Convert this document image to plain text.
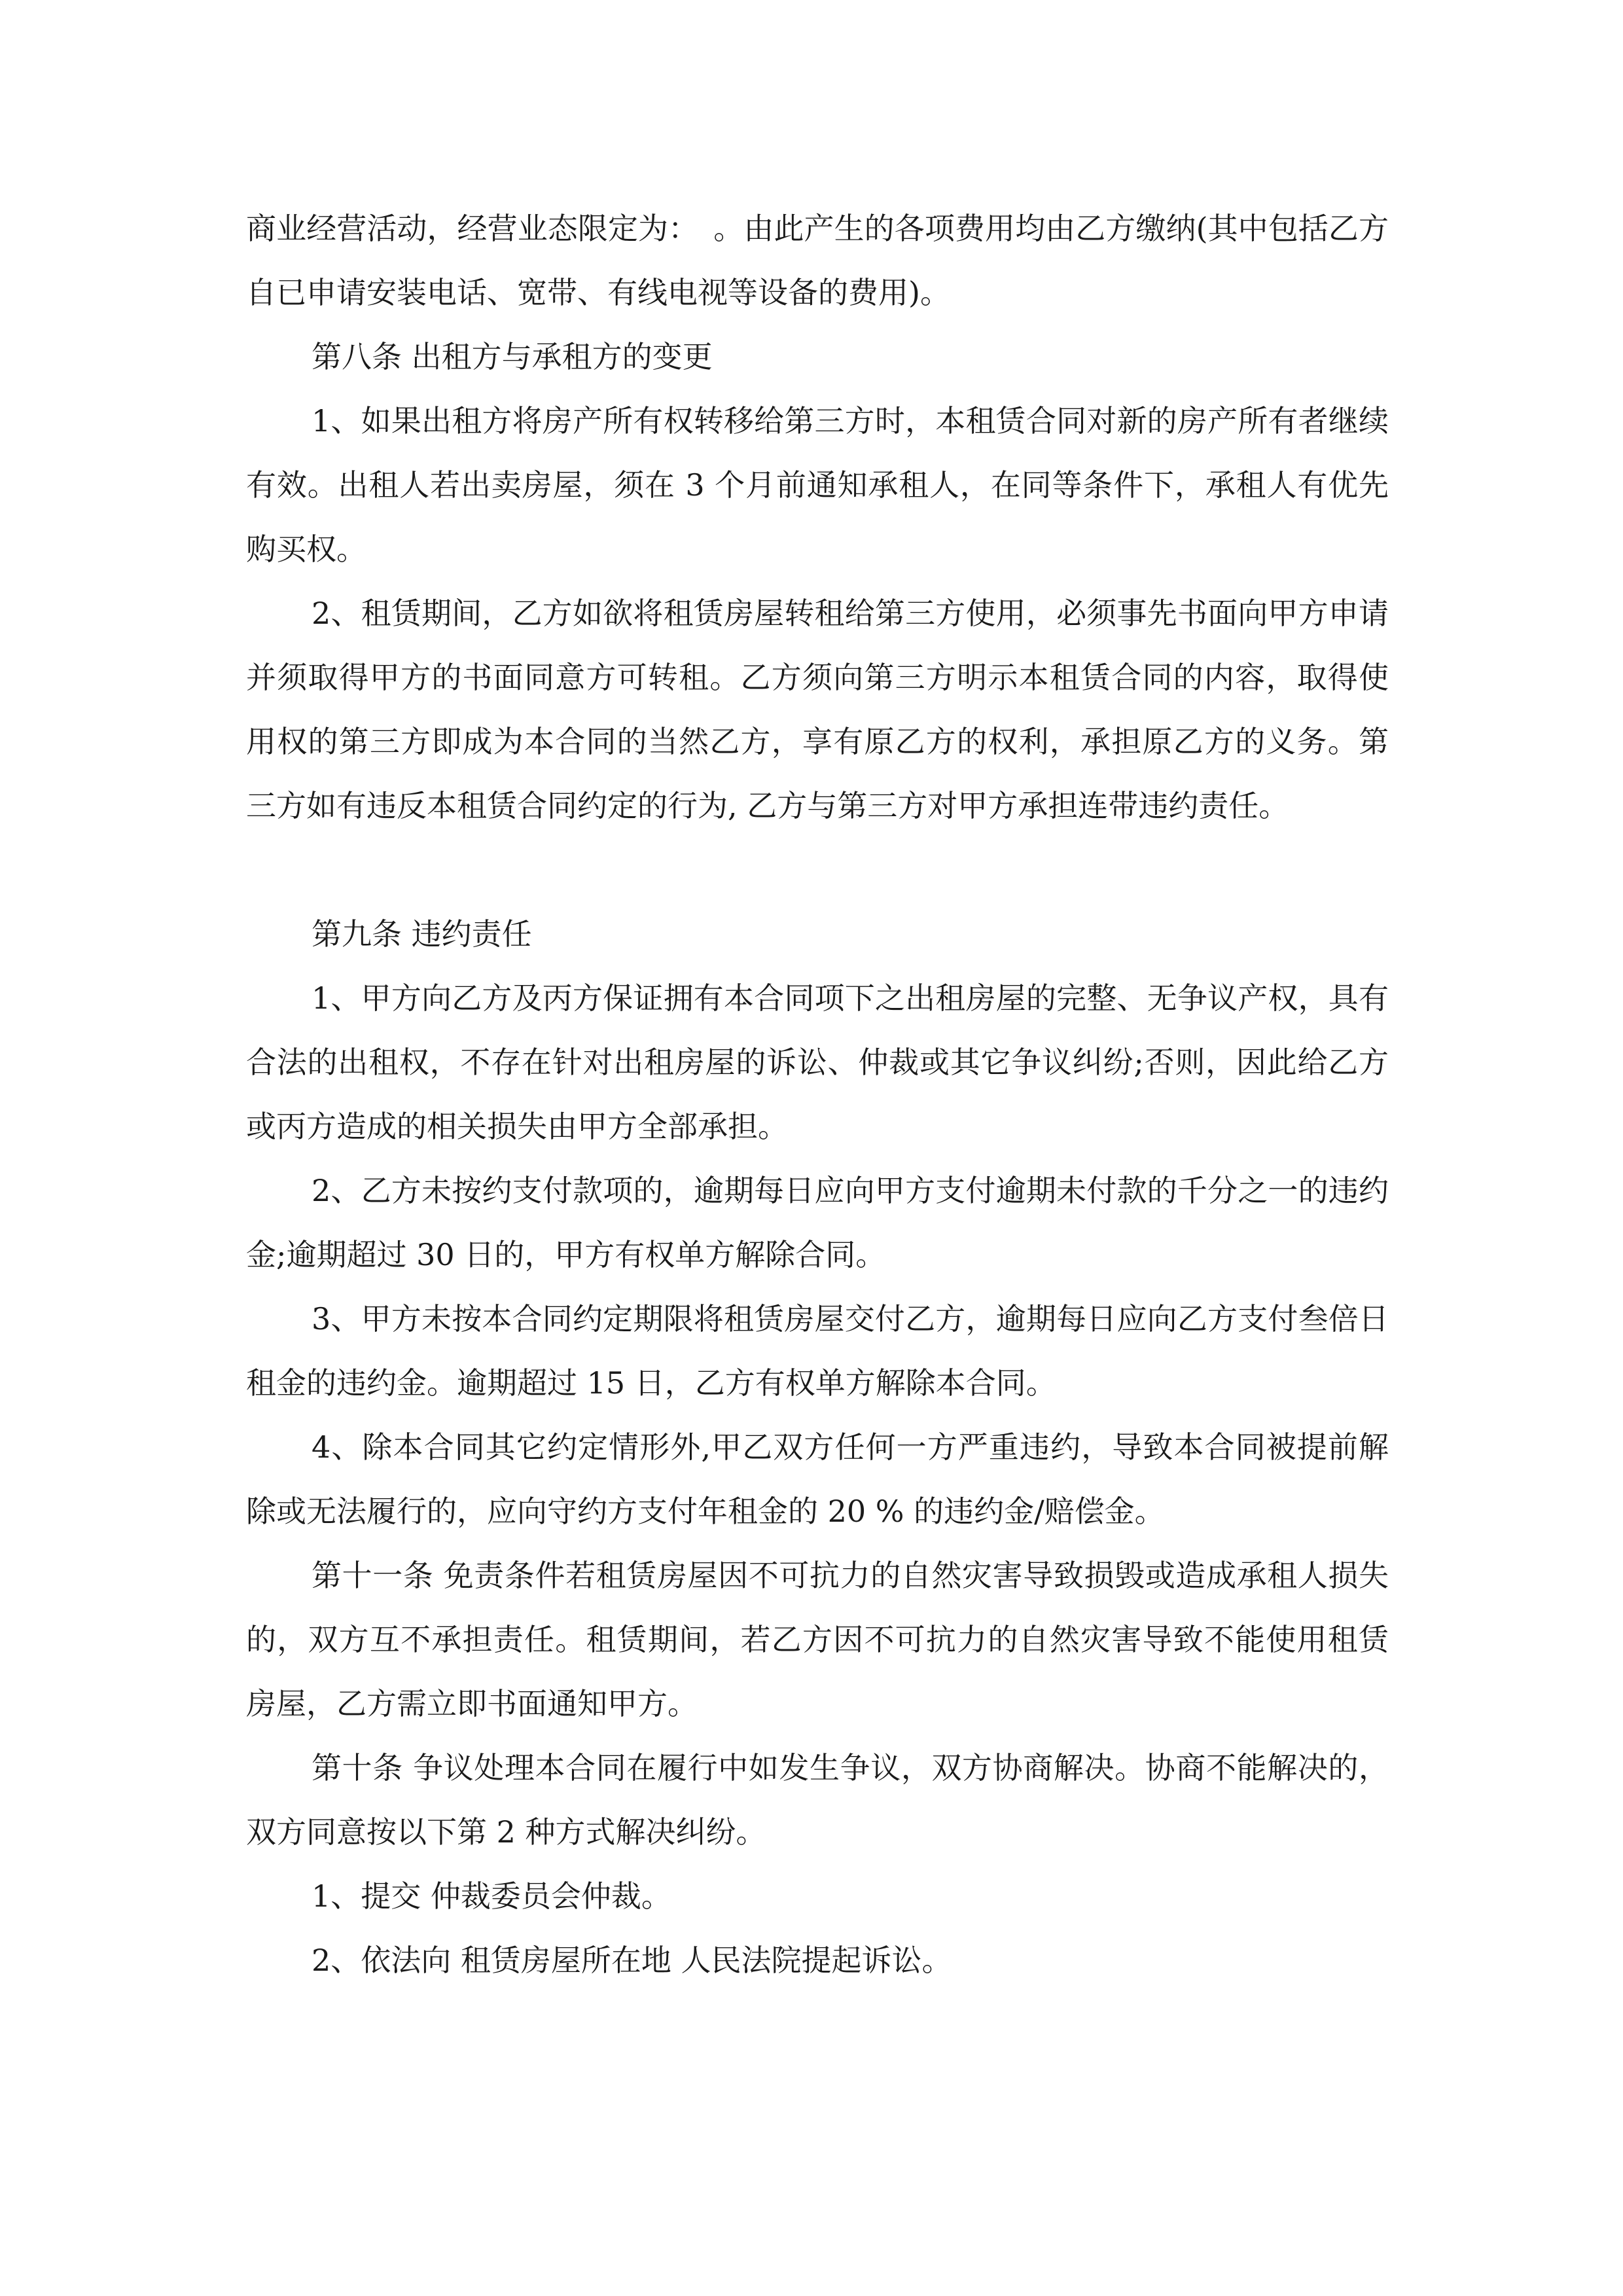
商业经营活动，经营业态限定为：　。由此产生的各项费用均由乙方缴纳(其中包括乙方自已申请安装电话、宽带、有线电视等设备的费用)。

第八条 出租方与承租方的变更

1、如果出租方将房产所有权转移给第三方时，本租赁合同对新的房产所有者继续有效。出租人若出卖房屋，须在 3 个月前通知承租人，在同等条件下，承租人有优先购买权。

2、租赁期间，乙方如欲将租赁房屋转租给第三方使用，必须事先书面向甲方申请并须取得甲方的书面同意方可转租。乙方须向第三方明示本租赁合同的内容，取得使用权的第三方即成为本合同的当然乙方，享有原乙方的权利，承担原乙方的义务。第三方如有违反本租赁合同约定的行为, 乙方与第三方对甲方承担连带违约责任。

第九条 违约责任

1、甲方向乙方及丙方保证拥有本合同项下之出租房屋的完整、无争议产权，具有合法的出租权，不存在针对出租房屋的诉讼、仲裁或其它争议纠纷;否则，因此给乙方或丙方造成的相关损失由甲方全部承担。

2、乙方未按约支付款项的，逾期每日应向甲方支付逾期未付款的千分之一的违约金;逾期超过 30 日的，甲方有权单方解除合同。

3、甲方未按本合同约定期限将租赁房屋交付乙方，逾期每日应向乙方支付叁倍日租金的违约金。逾期超过 15 日，乙方有权单方解除本合同。

4、除本合同其它约定情形外,甲乙双方任何一方严重违约，导致本合同被提前解除或无法履行的，应向守约方支付年租金的 20 % 的违约金/赔偿金。

第十一条 免责条件若租赁房屋因不可抗力的自然灾害导致损毁或造成承租人损失的，双方互不承担责任。租赁期间，若乙方因不可抗力的自然灾害导致不能使用租赁房屋，乙方需立即书面通知甲方。

第十条 争议处理本合同在履行中如发生争议，双方协商解决。协商不能解决的，双方同意按以下第 2 种方式解决纠纷。

1、提交 仲裁委员会仲裁。

2、依法向 租赁房屋所在地 人民法院提起诉讼。
